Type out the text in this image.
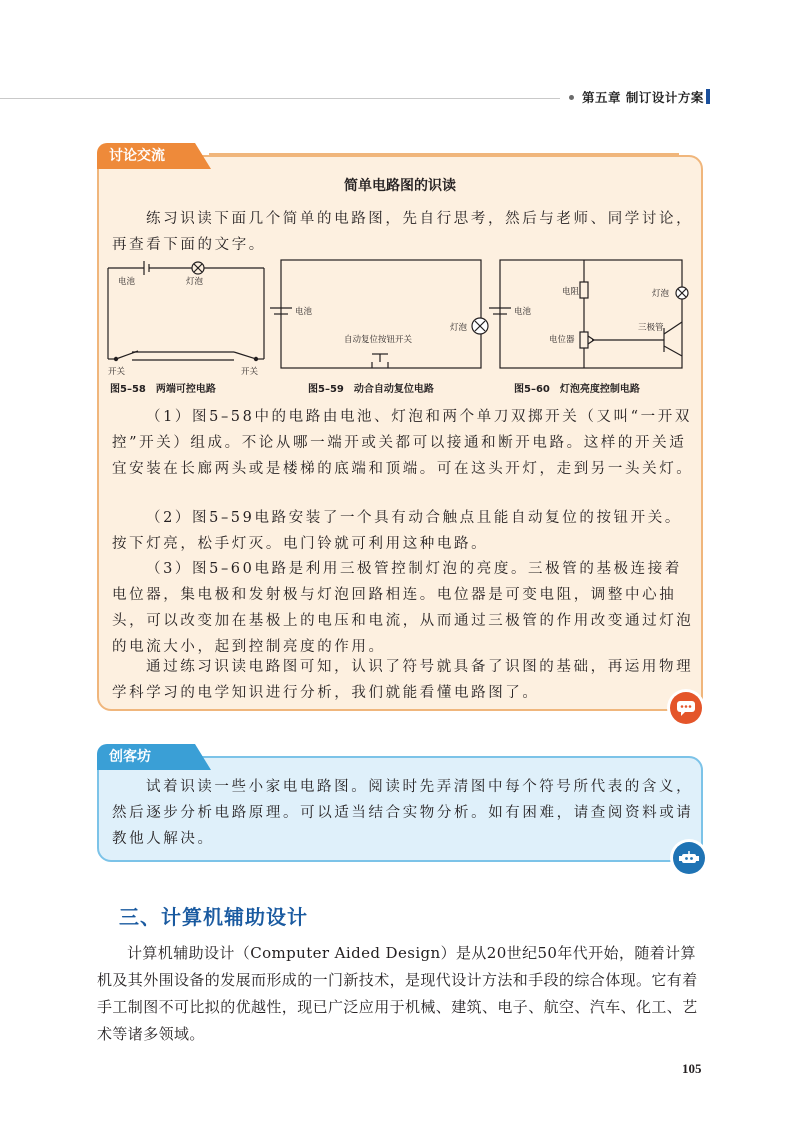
第五章 制订设计方案
讨论交流
简单电路图的识读
练习识读下面几个简单的电路图，先自行思考，然后与老师、同学讨论，再查看下面的文字。
电池	灯泡
开关	开关
电池
自动复位按钮开关
灯泡
电池
电阻	灯泡
三极管
电位器
图5–58　两端可控电路	图5–59　动合自动复位电路	图5–60　灯泡亮度控制电路
（1）图5–58中的电路由电池、灯泡和两个单刀双掷开关（又叫“一开双控”开关）组成。不论从哪一端开或关都可以接通和断开电路。这样的开关适宜安装在长廊两头或是楼梯的底端和顶端。可在这头开灯，走到另一头关灯。
（2）图5–59电路安装了一个具有动合触点且能自动复位的按钮开关。按下灯亮，松手灯灭。电门铃就可利用这种电路。
（3）图5–60电路是利用三极管控制灯泡的亮度。三极管的基极连接着电位器，集电极和发射极与灯泡回路相连。电位器是可变电阻，调整中心抽头，可以改变加在基极上的电压和电流，从而通过三极管的作用改变通过灯泡的电流大小，起到控制亮度的作用。
通过练习识读电路图可知，认识了符号就具备了识图的基础，再运用物理学科学习的电学知识进行分析，我们就能看懂电路图了。
创客坊
试着识读一些小家电电路图。阅读时先弄清图中每个符号所代表的含义，然后逐步分析电路原理。可以适当结合实物分析。如有困难，请查阅资料或请教他人解决。
三、计算机辅助设计
计算机辅助设计（Computer Aided Design）是从20世纪50年代开始，随着计算机及其外围设备的发展而形成的一门新技术，是现代设计方法和手段的综合体现。它有着手工制图不可比拟的优越性，现已广泛应用于机械、建筑、电子、航空、汽车、化工、艺术等诸多领域。
105
